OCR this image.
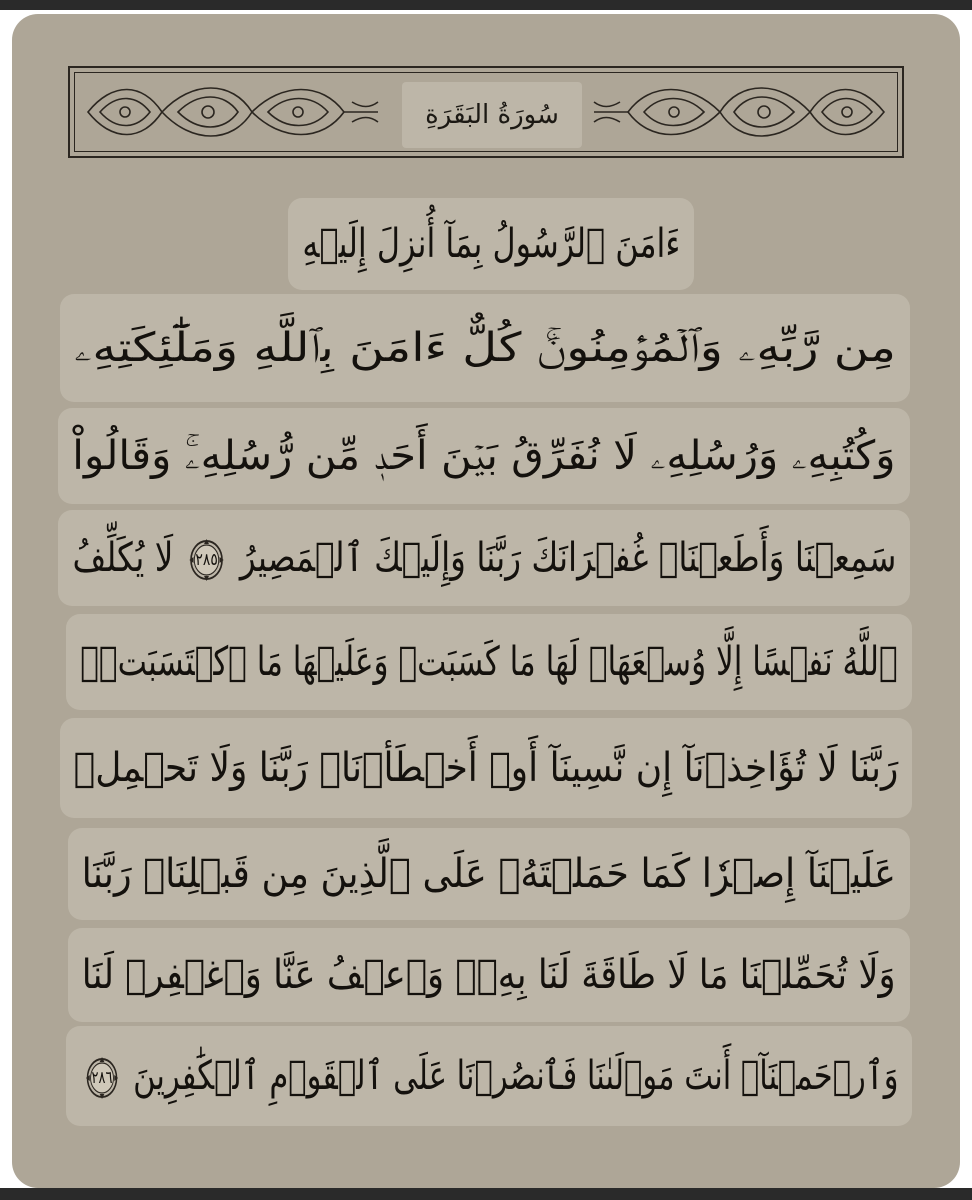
سُورَةُ البَقَرَةِ
ءَامَنَ ٱلرَّسُولُ بِمَآ أُنزِلَ إِلَيۡهِ
مِن رَّبِّهِۦ وَٱلۡمُؤۡمِنُونَۚ كُلٌّ ءَامَنَ بِٱللَّهِ وَمَلَٰٓئِكَتِهِۦ
وَكُتُبِهِۦ وَرُسُلِهِۦ لَا نُفَرِّقُ بَيۡنَ أَحَدٖ مِّن رُّسُلِهِۦۚ وَقَالُواْ
سَمِعۡنَا وَأَطَعۡنَاۖ غُفۡرَانَكَ رَبَّنَا وَإِلَيۡكَ ٱلۡمَصِيرُ
٢٨٥
لَا يُكَلِّفُ
ٱللَّهُ نَفۡسًا إِلَّا وُسۡعَهَاۚ لَهَا مَا كَسَبَتۡ وَعَلَيۡهَا مَا ٱكۡتَسَبَتۡۗ
رَبَّنَا لَا تُؤَاخِذۡنَآ إِن نَّسِينَآ أَوۡ أَخۡطَأۡنَاۚ رَبَّنَا وَلَا تَحۡمِلۡ
عَلَيۡنَآ إِصۡرٗا كَمَا حَمَلۡتَهُۥ عَلَى ٱلَّذِينَ مِن قَبۡلِنَاۚ رَبَّنَا
وَلَا تُحَمِّلۡنَا مَا لَا طَاقَةَ لَنَا بِهِۦۖ وَٱعۡفُ عَنَّا وَٱغۡفِرۡ لَنَا
وَٱرۡحَمۡنَآۚ أَنتَ مَوۡلَىٰنَا فَٱنصُرۡنَا عَلَى ٱلۡقَوۡمِ ٱلۡكَٰفِرِينَ
٢٨٦
